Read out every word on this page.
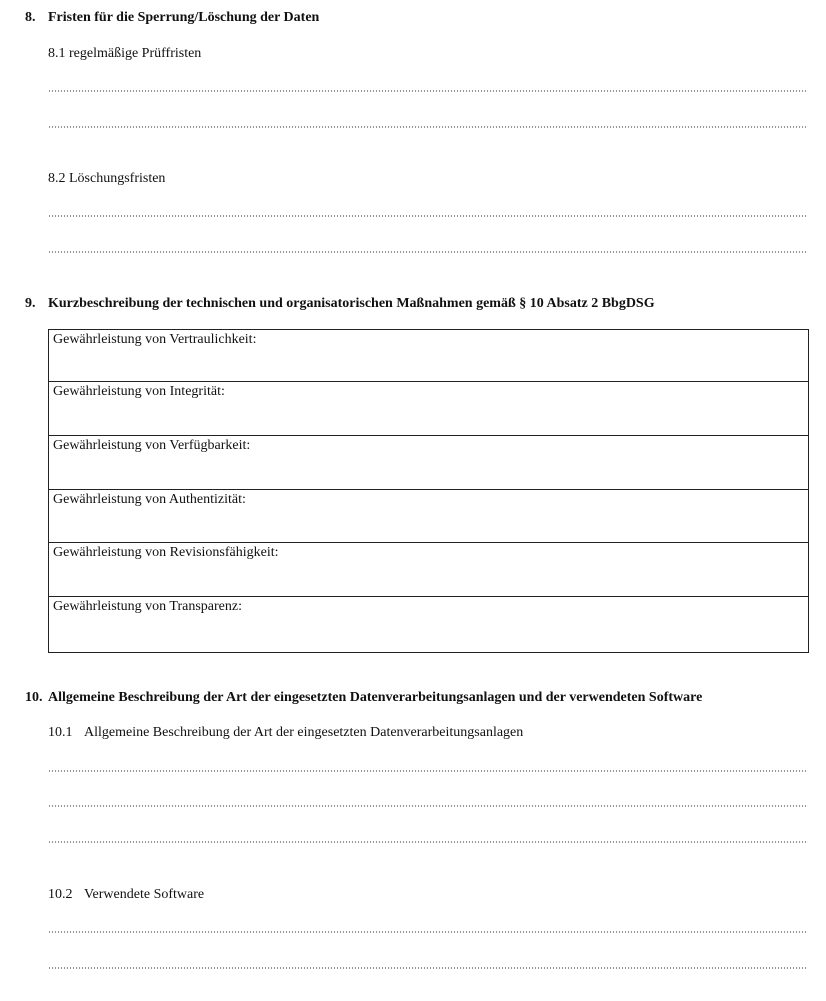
8. Fristen für die Sperrung/Löschung der Daten
8.1 regelmäßige Prüffristen
8.2 Löschungsfristen
9. Kurzbeschreibung der technischen und organisatorischen Maßnahmen gemäß § 10 Absatz 2 BbgDSG
Gewährleistung von Vertraulichkeit:
Gewährleistung von Integrität:
Gewährleistung von Verfügbarkeit:
Gewährleistung von Authentizität:
Gewährleistung von Revisionsfähigkeit:
Gewährleistung von Transparenz:
10. Allgemeine Beschreibung der Art der eingesetzten Datenverarbeitungsanlagen und der verwendeten Software
10.1 Allgemeine Beschreibung der Art der eingesetzten Datenverarbeitungsanlagen
10.2 Verwendete Software
